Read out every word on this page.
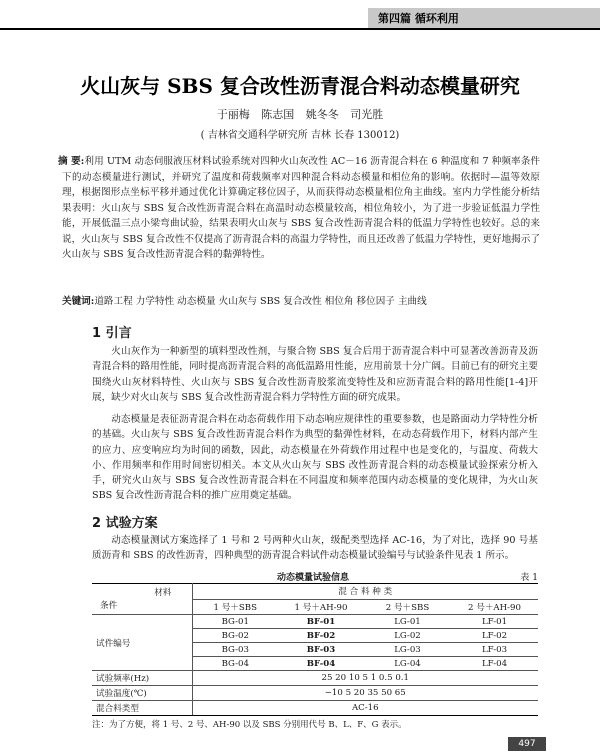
第四篇 循环利用
火山灰与 SBS 复合改性沥青混合料动态模量研究
于丽梅 陈志国 姚冬冬 司光胜
( 吉林省交通科学研究所 吉林 长春 130012)
摘 要:利用 UTM 动态伺服液压材料试验系统对四种火山灰改性 AC－16 沥青混合料在 6 种温度和 7 种频率条件下的动态模量进行测试，并研究了温度和荷载频率对四种混合料动态模量和相位角的影响。依据时—温等效原理，根据图形点坐标平移并通过优化计算确定移位因子，从而获得动态模量相位角主曲线。室内力学性能分析结果表明：火山灰与 SBS 复合改性沥青混合料在高温时动态模量较高，相位角较小，为了进一步验证低温力学性能，开展低温三点小梁弯曲试验，结果表明火山灰与 SBS 复合改性沥青混合料的低温力学特性也较好。总的来说，火山灰与 SBS 复合改性不仅提高了沥青混合料的高温力学特性，而且还改善了低温力学特性，更好地揭示了火山灰与 SBS 复合改性沥青混合料的黏弹特性。
关键词:道路工程 力学特性 动态模量 火山灰与 SBS 复合改性 相位角 移位因子 主曲线
1 引言
火山灰作为一种新型的填料型改性剂，与聚合物 SBS 复合后用于沥青混合料中可显著改善沥青及沥青混合料的路用性能，同时提高沥青混合料的高低温路用性能，应用前景十分广阔。目前已有的研究主要围绕火山灰材料特性、火山灰与 SBS 复合改性沥青胶浆流变特性及和应沥青混合料的路用性能[1-4]开展，缺少对火山灰与 SBS 复合改性沥青混合料力学特性方面的研究成果。
动态模量是表征沥青混合料在动态荷载作用下动态响应规律性的重要参数，也是路面动力学特性分析的基础。火山灰与 SBS 复合改性沥青混合料作为典型的黏弹性材料，在动态荷载作用下，材料内部产生的应力、应变响应均为时间的函数，因此，动态模量在外荷载作用过程中也是变化的，与温度、荷载大小、作用频率和作用时间密切相关。本文从火山灰与 SBS 改性沥青混合料的动态模量试验探索分析入手，研究火山灰与 SBS 复合改性沥青混合料在不同温度和频率范围内动态模量的变化规律，为火山灰 SBS 复合改性沥青混合料的推广应用奠定基础。
2 试验方案
动态模量测试方案选择了 1 号和 2 号两种火山灰，级配类型选择 AC-16，为了对比，选择 90 号基质沥青和 SBS 的改性沥青，四种典型的沥青混合料试件动态模量试验编号与试验条件见表 1 所示。
动态模量试验信息	表 1
材料
条件	混 合 料 种 类			
	1 号＋SBS	1 号＋AH-90	2 号＋SBS	2 号＋AH-90
试件编号	BG-01	BF-01	LG-01	LF-01
	BG-02	BF-02	LG-02	LF-02
	BG-03	BF-03	LG-03	LF-03
	BG-04	BF-04	LG-04	LF-04
试验频率(Hz)	25 20 10 5 1 0.5 0.1			
试验温度(℃)	−10 5 20 35 50 65			
混合料类型	AC-16			
注：为了方便，将 1 号、2 号、AH-90 以及 SBS 分别用代号 B、L、F、G 表示。
497
